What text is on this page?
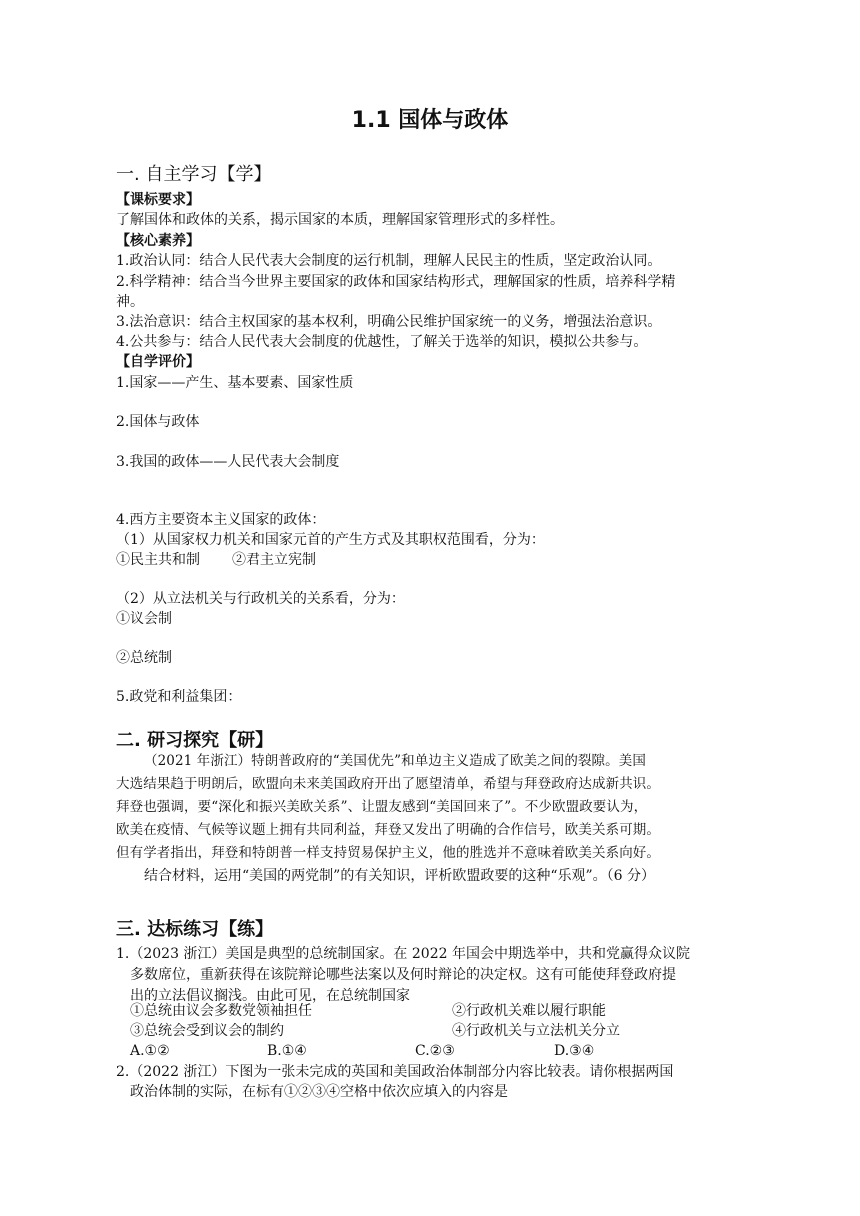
1.1 国体与政体
一. 自主学习【学】
【课标要求】
了解国体和政体的关系，揭示国家的本质，理解国家管理形式的多样性。
【核心素养】
1.政治认同：结合人民代表大会制度的运行机制，理解人民民主的性质，坚定政治认同。
2.科学精神：结合当今世界主要国家的政体和国家结构形式，理解国家的性质，培养科学精
神。
3.法治意识：结合主权国家的基本权利，明确公民维护国家统一的义务，增强法治意识。
4.公共参与：结合人民代表大会制度的优越性，了解关于选举的知识，模拟公共参与。
【自学评价】
1.国家——产生、基本要素、国家性质
2.国体与政体
3.我国的政体——人民代表大会制度
4.西方主要资本主义国家的政体：
（1）从国家权力机关和国家元首的产生方式及其职权范围看，分为：
①民主共和制 ②君主立宪制
（2）从立法机关与行政机关的关系看，分为：
①议会制
②总统制
5.政党和利益集团：
二. 研习探究【研】
（2021 年浙江）特朗普政府的“美国优先”和单边主义造成了欧美之间的裂隙。美国
大选结果趋于明朗后，欧盟向未来美国政府开出了愿望清单，希望与拜登政府达成新共识。
拜登也强调，要“深化和振兴美欧关系”、让盟友感到“美国回来了”。不少欧盟政要认为，
欧美在疫情、气候等议题上拥有共同利益，拜登又发出了明确的合作信号，欧美关系可期。
但有学者指出，拜登和特朗普一样支持贸易保护主义，他的胜选并不意味着欧美关系向好。
结合材料，运用“美国的两党制”的有关知识，评析欧盟政要的这种“乐观”。（6 分）
三. 达标练习【练】
1.（2023 浙江）美国是典型的总统制国家。在 2022 年国会中期选举中，共和党赢得众议院
多数席位，重新获得在该院辩论哪些法案以及何时辩论的决定权。这有可能使拜登政府提
出的立法倡议搁浅。由此可见，在总统制国家
①总统由议会多数党领袖担任	②行政机关难以履行职能
③总统会受到议会的制约	④行政机关与立法机关分立
A.①②	B.①④	C.②③	D.③④
2.（2022 浙江）下图为一张未完成的英国和美国政治体制部分内容比较表。请你根据两国
政治体制的实际，在标有①②③④空格中依次应填入的内容是
